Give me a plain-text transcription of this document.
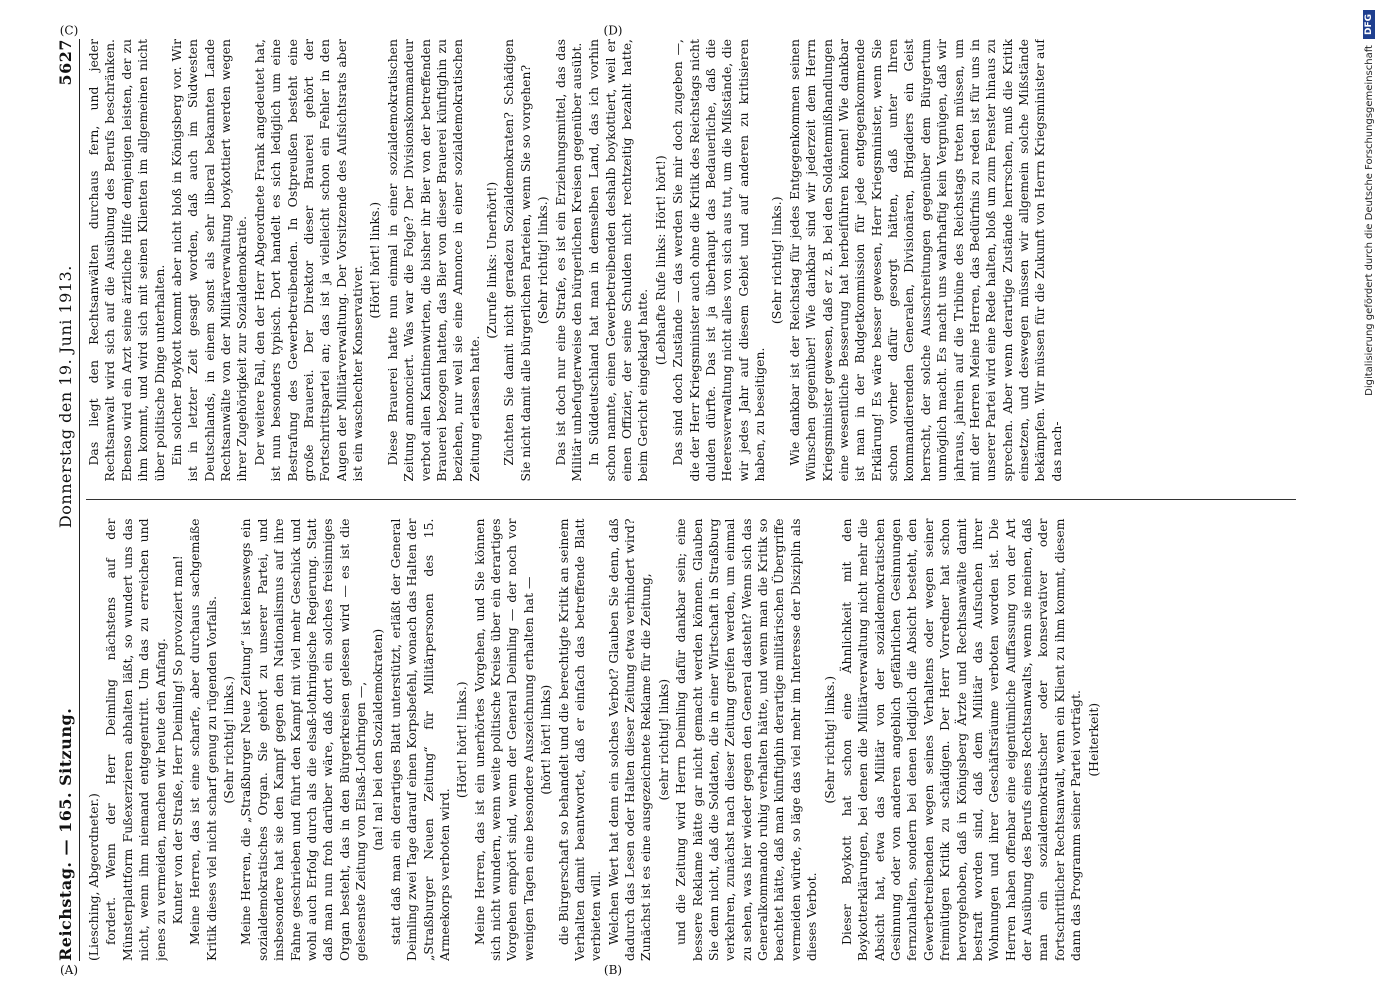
Reichstag. — 165. Sitzung.
Donnerstag den 19. Juni 1913.
5627

(Liesching, Abgeordneter.) fordert. Wenn der Herr Deimling nächstens auf der Münsterplattform Fußexerzieren abhalten läßt, so wundert uns das nicht, wenn ihm niemand entgegentritt. Um das zu erreichen und jenes zu vermeiden, machen wir heute den Anfang. Kunter von der Straße, Herr Deimling! So provoziert man! Meine Herren, das ist eine scharfe, aber durchaus sachgemäße Kritik dieses viel nicht scharf genug zu rügenden Vorfalls. (Sehr richtig! links.) Meine Herren, die „Straßburger Neue Zeitung“ ist keineswegs ein sozialdemokratisches Organ. Sie gehört zu unserer Partei, und insbesondere hat sie den Kampf gegen den Nationalismus auf ihre Fahne geschrieben und führt den Kampf mit viel mehr Geschick und wohl auch Erfolg durch als die elsaß-lothringische Regierung. Statt daß man nun froh darüber wäre, daß dort ein solches freisinniges Organ besteht, das in den Bürgerkreisen gelesen wird — es ist die gelesenste Zeitung von Elsaß-Lothringen —, (na! na! bei den Sozialdemokraten) statt daß man ein derartiges Blatt unterstützt, erläßt der General Deimling zwei Tage darauf einen Korpsbefehl, wonach das Halten der „Straßburger Neuen Zeitung“ für Militärpersonen des 15. Armeekorps verboten wird.

(Hört! hört! links.) Meine Herren, das ist ein unerhörtes Vorgehen, und Sie können sich nicht wundern, wenn weite politische Kreise über ein derartiges Vorgehen empört sind, wenn der General Deimling — der noch vor wenigen Tagen eine besondere Auszeichnung erhalten hat — (hört! hört! links) die Bürgerschaft so behandelt und die berechtigte Kritik an seinem Verhalten damit beantwortet, daß er einfach das betreffende Blatt verbieten will. Welchen Wert hat denn ein solches Verbot? Glauben Sie denn, daß dadurch das Lesen oder Halten dieser Zeitung etwa verhindert wird? Zunächst ist es eine ausgezeichnete Reklame für die Zeitung, (sehr richtig! links) und die Zeitung wird Herrn Deimling dafür dankbar sein; eine bessere Reklame hätte gar nicht gemacht werden können. Glauben Sie denn nicht, daß die Soldaten, die in einer Wirtschaft in Straßburg verkehren, zunächst nach dieser Zeitung greifen werden, um einmal zu sehen, was hier wieder gegen den General dasteht? Wenn sich das Generalkommando ruhig verhalten hätte, und wenn man die Kritik so beachtet hätte, daß man künftighin derartige militärischen Übergriffe vermeiden würde, so läge das viel mehr im Interesse der Disziplin als dieses Verbot.

(Sehr richtig! links.) Dieser Boykott hat schon eine Ähnlichkeit mit den Boykotterklärungen, bei denen die Militärverwaltung nicht mehr die Absicht hat, etwa das Militär von der sozialdemokratischen Gesinnung oder von anderen angeblich gefährlichen Gesinnungen fernzuhalten, sondern bei denen lediglich die Absicht besteht, den Gewerbetreibenden wegen seines Verhaltens oder wegen seiner freimütigen Kritik zu schädigen. Der Herr Vorredner hat schon hervorgehoben, daß in Königsberg Ärzte und Rechtsanwälte damit bestraft worden sind, daß dem Militär das Aufsuchen ihrer Wohnungen und ihrer Geschäftsräume verboten worden ist. Die Herren haben offenbar eine eigentümliche Auffassung von der Art der Ausübung des Berufs eines Rechtsanwalts, wenn sie meinen, daß man ein sozialdemokratischer oder konservativer oder fortschrittlicher Rechtsanwalt, wenn ein Klient zu ihm kommt, diesem dann das Programm seiner Partei vorträgt. (Heiterkeit)

Das liegt den Rechtsanwälten durchaus fern, und jeder Rechtsanwalt wird sich auf die Ausübung des Berufs beschränken. Ebenso wird ein Arzt seine ärztliche Hilfe demjenigen leisten, der zu ihm kommt, und wird sich mit seinen Klienten im allgemeinen nicht über politische Dinge unterhalten. Ein solcher Boykott kommt aber nicht bloß in Königsberg vor. Wir ist in letzter Zeit gesagt worden, daß auch im Südwesten Deutschlands, in einem sonst als sehr liberal bekannten Lande Rechtsanwälte von der Militärverwaltung boykottiert werden wegen ihrer Zugehörigkeit zur Sozialdemokratie. Der weitere Fall, den der Herr Abgeordnete Frank angedeutet hat, ist nun besonders typisch. Dort handelt es sich lediglich um eine Bestrafung des Gewerbetreibenden. In Ostpreußen besteht eine große Brauerei. Der Direktor dieser Brauerei gehört der Fortschrittspartei an; das ist ja vielleicht schon ein Fehler in den Augen der Militärverwaltung. Der Vorsitzende des Aufsichtsrats aber ist ein waschechter Konservativer.

(Hört! hört! links.) Diese Brauerei hatte nun einmal in einer sozialdemokratischen Zeitung annonciert. Was war die Folge? Der Divisionskommandeur verbot allen Kantinenwirten, die bisher ihr Bier von der betreffenden Brauerei bezogen hatten, das Bier von dieser Brauerei künftighin zu beziehen, nur weil sie eine Annonce in einer sozialdemokratischen Zeitung erlassen hatte.

(Zurufe links: Unerhört!) Züchten Sie damit nicht geradezu Sozialdemokraten? Schädigen Sie nicht damit alle bürgerlichen Parteien, wenn Sie so vorgehen? (Sehr richtig! links.) Das ist doch nur eine Strafe, es ist ein Erziehungsmittel, das das Militär unbefugterweise den bürgerlichen Kreisen gegenüber ausübt. In Süddeutschland hat man in demselben Land, das ich vorhin schon nannte, einen Gewerbetreibenden deshalb boykottiert, weil er einen Offizier, der seine Schulden nicht rechtzeitig bezahlt hatte, beim Gericht eingeklagt hatte.

(Lebhafte Rufe links: Hört! hört!) Das sind doch Zustände — das werden Sie mir doch zugeben —, die der Herr Kriegsminister auch ohne die Kritik des Reichstags nicht dulden dürfte. Das ist ja überhaupt das Bedauerliche, daß die Heeresverwaltung nicht alles von sich aus tut, um die Mißstände, die wir jedes Jahr auf diesem Gebiet und auf anderen zu kritisieren haben, zu beseitigen.

(Sehr richtig! links.) Wie dankbar ist der Reichstag für jedes Entgegenkommen seinen Wünschen gegenüber! Wie dankbar sind wir jederzeit dem Herrn Kriegsminister gewesen, daß er z. B. bei den Soldatenmißhandlungen eine wesentliche Besserung hat herbeiführen können! Wie dankbar ist man in der Budgetkommission für jede entgegenkommende Erklärung! Es wäre besser gewesen, Herr Kriegsminister, wenn Sie schon vorher dafür gesorgt hätten, daß unter Ihren kommandierenden Generalen, Divisionären, Brigadiers ein Geist herrscht, der solche Ausschreitungen gegenüber dem Bürgertum unmöglich macht. Es macht uns wahrhaftig kein Vergnügen, daß wir jahraus, jahrein auf die Tribüne des Reichstags treten müssen, um mit der Herren Meine Herren, das Bedürfnis zu reden ist für uns in unserer Partei wird eine Rede halten, bloß um zum Fenster hinaus zu sprechen. Aber wenn derartige Zustände herrschen, muß die Kritik einsetzen, und deswegen müssen wir allgemein solche Mißstände bekämpfen. Wir müssen für die Zukunft von Herrn Kriegsminister auf das nach-

(A)	(B)
(C)	(D)
Digitalisierung gefördert durch die Deutsche Forschungsgemeinschaft
DFG
